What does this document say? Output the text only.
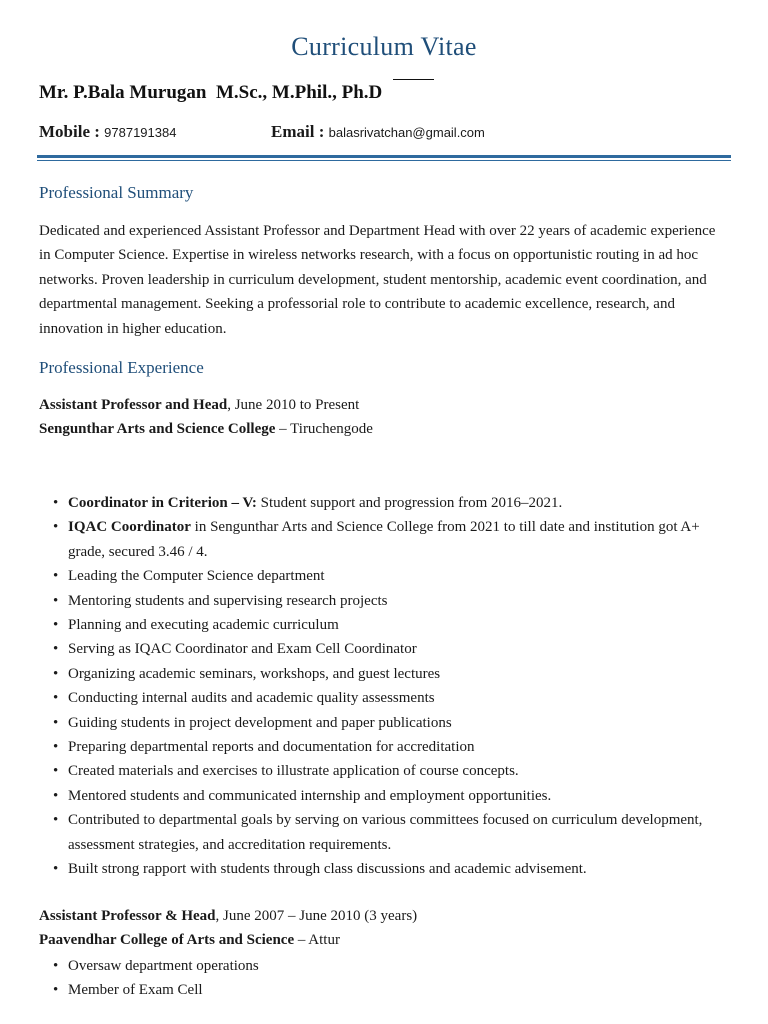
Curriculum Vitae
Mr. P.Bala Murugan  M.Sc., M.Phil., Ph.D
Mobile : 9787191384	Email : balasrivatchan@gmail.com
Professional Summary
Dedicated and experienced Assistant Professor and Department Head with over 22 years of academic experience in Computer Science. Expertise in wireless networks research, with a focus on opportunistic routing in ad hoc networks. Proven leadership in curriculum development, student mentorship, academic event coordination, and departmental management. Seeking a professorial role to contribute to academic excellence, research, and innovation in higher education.
Professional Experience
Assistant Professor and Head, June 2010 to Present
Sengunthar Arts and Science College – Tiruchengode
• Coordinator in Criterion – V: Student support and progression from 2016–2021.
• IQAC Coordinator in Sengunthar Arts and Science College from 2021 to till date and institution got A+ grade, secured 3.46 / 4.
• Leading the Computer Science department
• Mentoring students and supervising research projects
• Planning and executing academic curriculum
• Serving as IQAC Coordinator and Exam Cell Coordinator
• Organizing academic seminars, workshops, and guest lectures
• Conducting internal audits and academic quality assessments
• Guiding students in project development and paper publications
• Preparing departmental reports and documentation for accreditation
• Created materials and exercises to illustrate application of course concepts.
• Mentored students and communicated internship and employment opportunities.
• Contributed to departmental goals by serving on various committees focused on curriculum development, assessment strategies, and accreditation requirements.
• Built strong rapport with students through class discussions and academic advisement.
Assistant Professor & Head, June 2007 – June 2010 (3 years)
Paavendhar College of Arts and Science – Attur
• Oversaw department operations
• Member of Exam Cell
